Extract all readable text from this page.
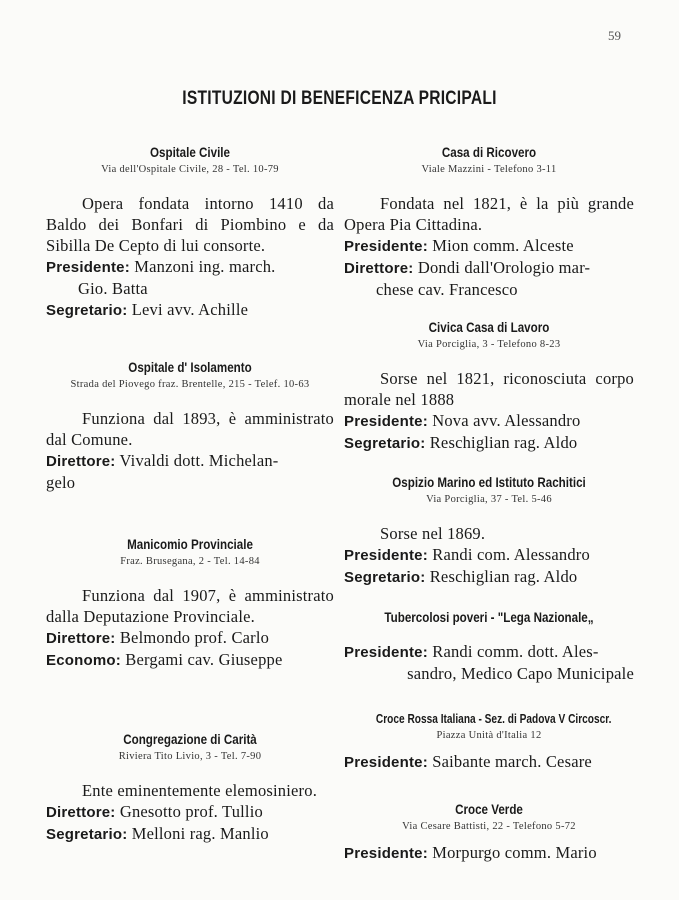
59
ISTITUZIONI DI BENEFICENZA PRICIPALI
Ospitale Civile
Via dell'Ospitale Civile, 28 - Tel. 10-79
Opera fondata intorno 1410 da Baldo dei Bonfari di Piombino e da Sibilla De Cepto di lui consorte.
Presidente: Manzoni ing. march.
Gio. Batta
Segretario: Levi avv. Achille
Ospitale d' Isolamento
Strada del Piovego fraz. Brentelle, 215 - Telef. 10-63
Funziona dal 1893, è amministrato dal Comune.
Direttore: Vivaldi dott. Michelan-
gelo
Manicomio Provinciale
Fraz. Brusegana, 2 - Tel. 14-84
Funziona dal 1907, è amministrato dalla Deputazione Provinciale.
Direttore: Belmondo prof. Carlo
Economo: Bergami cav. Giuseppe
Congregazione di Carità
Riviera Tito Livio, 3 - Tel. 7-90
Ente eminentemente elemosiniero.
Direttore: Gnesotto prof. Tullio
Segretario: Melloni rag. Manlio
Casa di Ricovero
Viale Mazzini - Telefono 3-11
Fondata nel 1821, è la più grande Opera Pia Cittadina.
Presidente: Mion comm. Alceste
Direttore: Dondi dall'Orologio mar-
chese cav. Francesco
Civica Casa di Lavoro
Via Porciglia, 3 - Telefono 8-23
Sorse nel 1821, riconosciuta corpo morale nel 1888
Presidente: Nova avv. Alessandro
Segretario: Reschiglian rag. Aldo
Ospizio Marino ed Istituto Rachitici
Via Porciglia, 37 - Tel. 5-46
Sorse nel 1869.
Presidente: Randi com. Alessandro
Segretario: Reschiglian rag. Aldo
Tubercolosi poveri - "Lega Nazionale„
Presidente: Randi comm. dott. Ales-
sandro, Medico Capo Municipale
Croce Rossa Italiana - Sez. di Padova V Circoscr.
Piazza Unità d'Italia 12
Presidente: Saibante march. Cesare
Croce Verde
Via Cesare Battisti, 22 - Telefono 5-72
Presidente: Morpurgo comm. Mario
